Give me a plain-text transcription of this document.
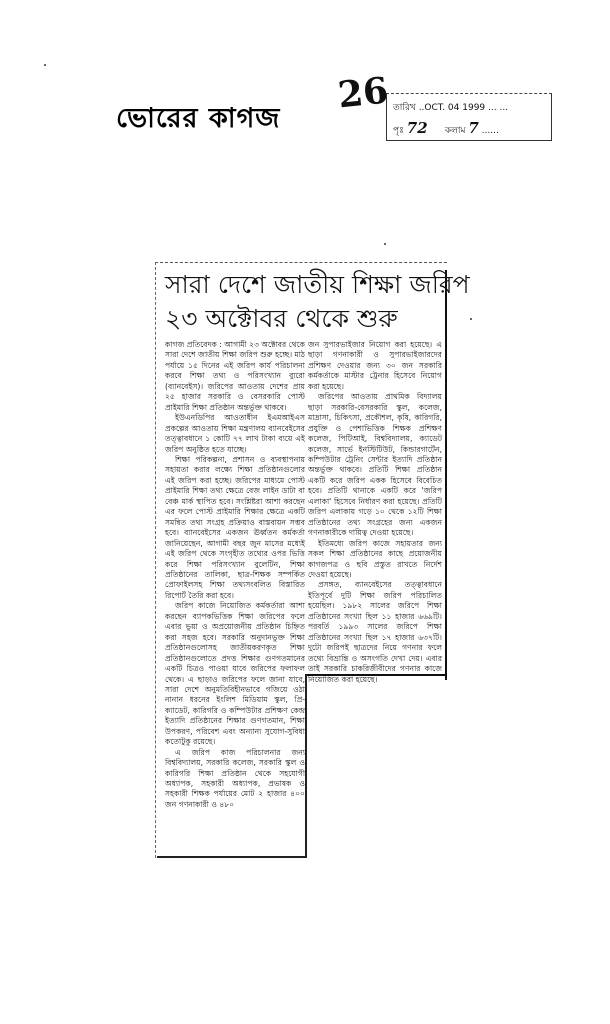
ভোরের কাগজ
26 তারিখ ..OCT. 04 1999 ... ...
পৃঃ 72 কলাম 7 ......
সারা দেশে জাতীয় শিক্ষা জরিপ
২৩ অক্টোবর থেকে শুরু

কাগজ প্রতিবেদক : আগামী ২৩ অক্টোবর থেকে সারা দেশে জাতীয় শিক্ষা জরিপ শুরু হচ্ছে। মাঠ পর্যায়ে ১৫ দিনের এই জরিপ কার্য পরিচালনা করবে শিক্ষা তথ্য ও পরিসংখ্যান ব্যুরো (ব্যানবেইস)। জরিপের আওতায় দেশের প্রায় ২৫ হাজার সরকারি ও বেসরকারি পোস্ট প্রাইমারি শিক্ষা প্রতিষ্ঠান অন্তর্ভুক্ত থাকবে।

ইউএনডিপির আওতাধীন ইএমআইএস প্রকল্পের আওতায় শিক্ষা মন্ত্রণালয় ব্যানবেইসের তত্ত্বাবধানে ১ কোটি ৭৭ লাখ টাকা ব্যয়ে এই জরিপ অনুষ্ঠিত হতে যাচ্ছে।

শিক্ষা পরিকল্পনা, প্রশাসন ও ব্যবস্থাপনায় সহায়তা করার লক্ষ্যে শিক্ষা প্রতিষ্ঠানগুলোর এই জরিপ করা হচ্ছে। জরিপের মাধ্যমে পোস্ট প্রাইমারি শিক্ষা তথ্য ক্ষেত্রে বেজ লাইন ডাটা বা বেঞ্চ মার্ক স্থাপিত হবে। সংশ্লিষ্টরা আশা করছেন এর ফলে পোস্ট প্রাইমারি শিক্ষার ক্ষেত্রে একটি সমন্বিত তথ্য সংগ্রহ প্রক্রিয়াও বাস্তবায়ন সম্ভব হবে। ব্যানবেইসের একজন ঊর্ধ্বতন কর্মকর্তা জানিয়েছেন, আগামী বছর জুন মাসের মধ্যেই এই জরিপ থেকে সংগৃহীত তথ্যের ওপর ভিত্তি করে শিক্ষা পরিসংখ্যান বুলেটিন, শিক্ষা প্রতিষ্ঠানের তালিকা, ছাত্র-শিক্ষক সম্পর্কিত প্রোফাইলসহ শিক্ষা তথ্যসংবলিত বিস্তারিত রিপোর্ট তৈরি করা হবে।

জরিপ কাজে নিয়োজিত কর্মকর্তারা আশা করছেন ব্যাপকভিত্তিক শিক্ষা জরিপের ফলে এবার ভুয়া ও অপ্রয়োজনীয় প্রতিষ্ঠান চিহ্নিত করা সহজ হবে। সরকারি অনুদানভুক্ত শিক্ষা প্রতিষ্ঠানগুলোসহ জাতীয়করণকৃত শিক্ষা প্রতিষ্ঠানগুলোতে প্রদত্ত শিক্ষার গুণগতমানের একটি চিত্রও পাওয়া যাবে জরিপের ফলাফল থেকে। এ ছাড়াও জরিপের ফলে জানা যাবে, সারা দেশে অনুমতিবিহীনভাবে গজিয়ে ওঠা নানান ধরনের ইংলিশ মিডিয়াম স্কুল, প্রি-ক্যাডেট, কারিগরি ও কম্পিউটার প্রশিক্ষণ কেন্দ্র ইত্যাদি প্রতিষ্ঠানের শিক্ষার গুণগতমান, শিক্ষা উপকরণ, পরিবেশ এবং অন্যান্য সুযোগ-সুবিধা কতোটুকু রয়েছে।

এ জরিপ কাজ পরিচালনার জন্য বিশ্ববিদ্যালয়, সরকারি কলেজ, সরকারি স্কুল ও কারিগরি শিক্ষা প্রতিষ্ঠান থেকে সহযোগী অধ্যাপক, সহকারী অধ্যাপক, প্রভাষক ও সহকারী শিক্ষক পর্যায়ের মোট ২ হাজার ৪০০ জন গণনাকারী ও ৪৮০

জন সুপারভাইজার নিয়োগ করা হয়েছে। এ ছাড়া গণনাকারী ও সুপারভাইজারদের প্রশিক্ষণ দেওয়ার জন্য ৩০ জন সরকারি কর্মকর্তাকে মাস্টার ট্রেনার হিসেবে নিয়োগ করা হয়েছে।

জরিপের আওতায় প্রাথমিক বিদ্যালয় ছাড়া সরকারি-বেসরকারি স্কুল, কলেজ, মাদ্রাসা, চিকিৎসা, প্রকৌশল, কৃষি, কারিগরি, প্রযুক্তি ও পেশাভিত্তিক শিক্ষক প্রশিক্ষণ কলেজ, পিটিআই, বিশ্ববিদ্যালয়, ক্যাডেট কলেজ, সার্ভে ইনস্টিটিউট, কিন্ডারগার্টেন, কম্পিউটার ট্রেনিং সেন্টার ইত্যাদি প্রতিষ্ঠান অন্তর্ভুক্ত থাকবে। প্রতিটি শিক্ষা প্রতিষ্ঠান একটি করে জরিপ একক হিসেবে বিবেচিত হবে। প্রতিটি থানাকে একটি করে 'জরিপ এলাকা' হিসেবে নির্ধারণ করা হয়েছে। প্রতিটি জরিপ এলাকায় গড়ে ১০ থেকে ১২টি শিক্ষা প্রতিষ্ঠানের তথ্য সংগ্রহের জন্য একজন গণনাকারীকে দায়িত্ব দেওয়া হয়েছে।

ইতিমধ্যে জরিপ কাজে সহায়তার জন্য সকল শিক্ষা প্রতিষ্ঠানের কাছে প্রয়োজনীয় কাগজপত্র ও ছবি প্রস্তুত রাখতে নির্দেশ দেওয়া হয়েছে।

প্রসঙ্গত, ব্যানবেইসের তত্ত্বাবধানে ইতিপূর্বে দুটি শিক্ষা জরিপ পরিচালিত হয়েছিল। ১৯৮২ সালের জরিপে শিক্ষা প্রতিষ্ঠানের সংখ্যা ছিল ১১ হাজার ৬৬৯টি। পরবর্তি ১৯৯৩ সালের জরিপে শিক্ষা প্রতিষ্ঠানের সংখ্যা ছিল ১৭ হাজার ৬৩৭টি। দুটো জরিপই ছাত্রদের নিয়ে গণনার ফলে তথ্যে বিভ্রান্তি ও অসংগতি দেখা দেয়। এবার তাই সরকারি চাকরিজীবীদের গণনার কাজে নিয়োজিত করা হয়েছে।
